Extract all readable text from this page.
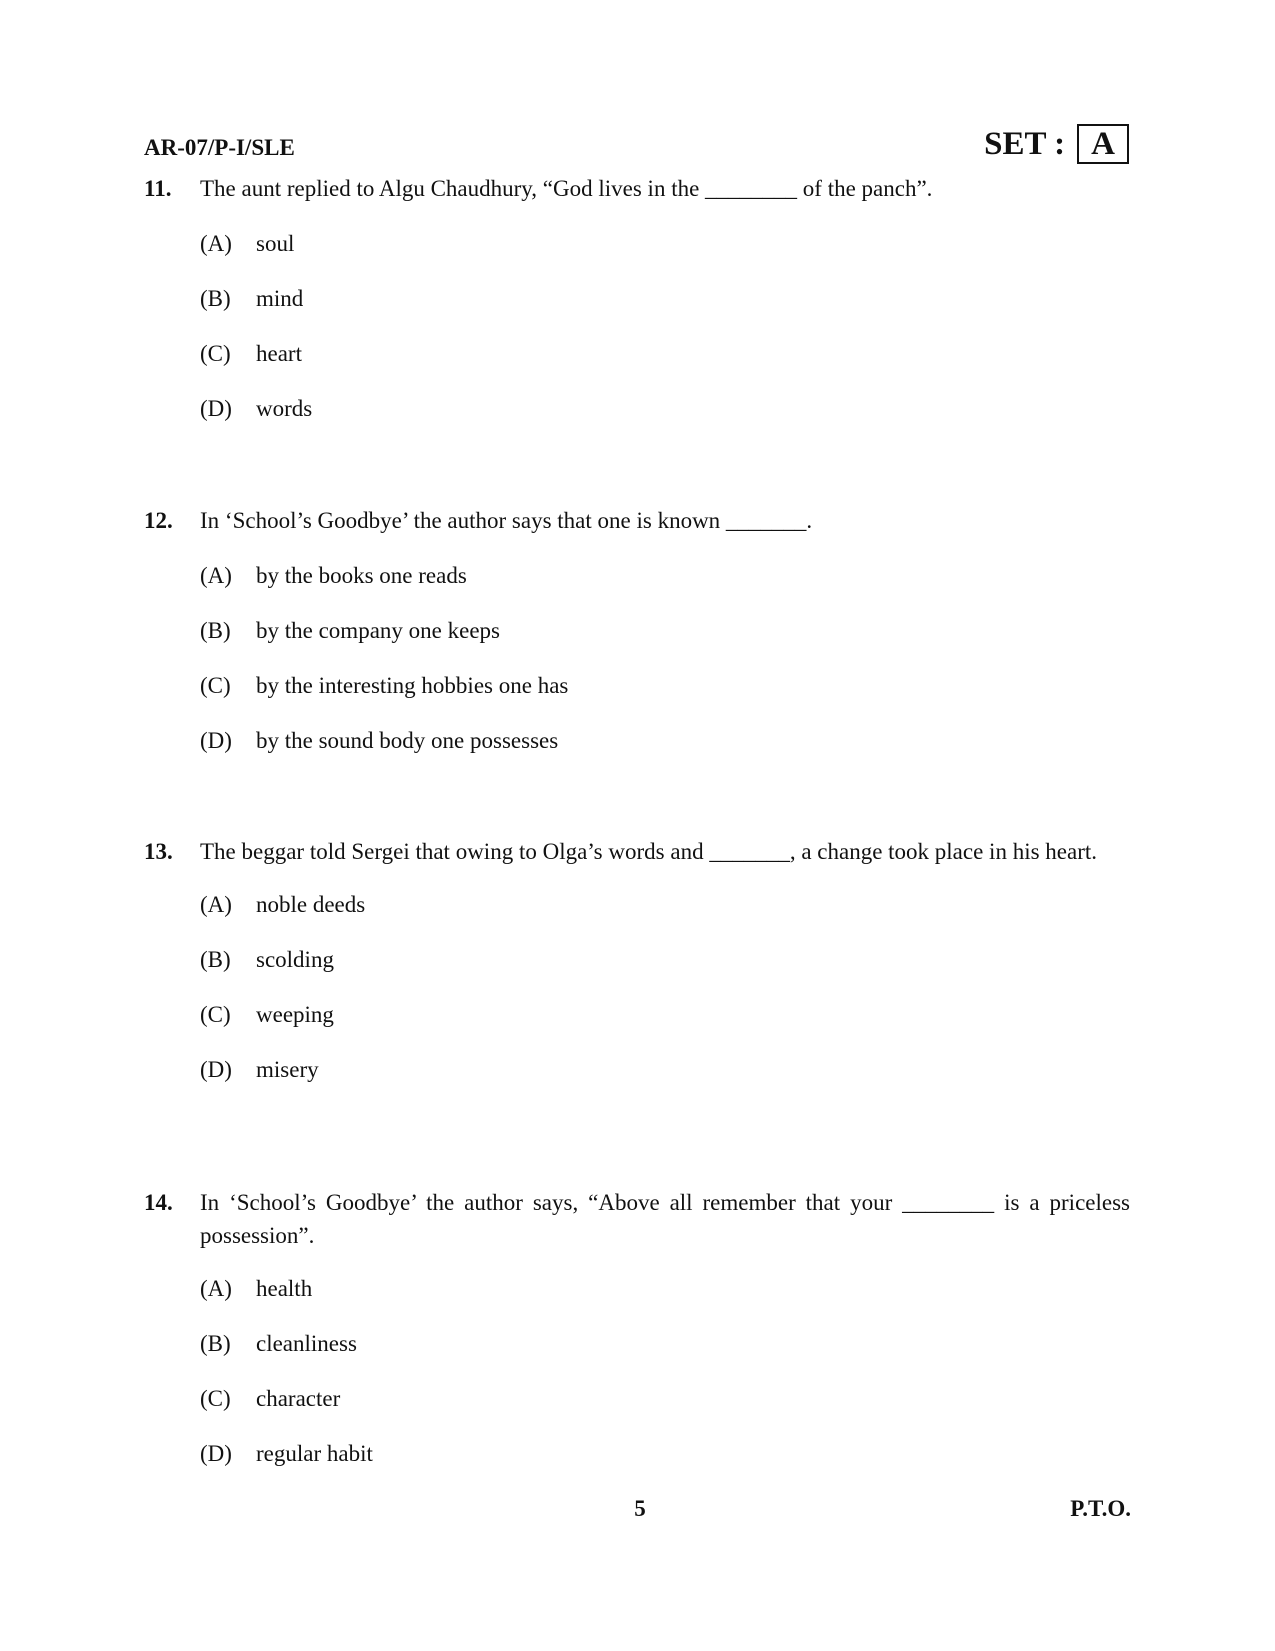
AR-07/P-I/SLE	SET : A
11.	The aunt replied to Algu Chaudhury, “God lives in the ________ of the panch”.
(A)	soul
(B)	mind
(C)	heart
(D)	words
12.	In ‘School’s Goodbye’ the author says that one is known _______.
(A)	by the books one reads
(B)	by the company one keeps
(C)	by the interesting hobbies one has
(D)	by the sound body one possesses
13.	The beggar told Sergei that owing to Olga’s words and _______, a change took place in his heart.
(A)	noble deeds
(B)	scolding
(C)	weeping
(D)	misery
14.	In ‘School’s Goodbye’ the author says, “Above all remember that your ________ is a priceless possession”.
(A)	health
(B)	cleanliness
(C)	character
(D)	regular habit
5	P.T.O.
